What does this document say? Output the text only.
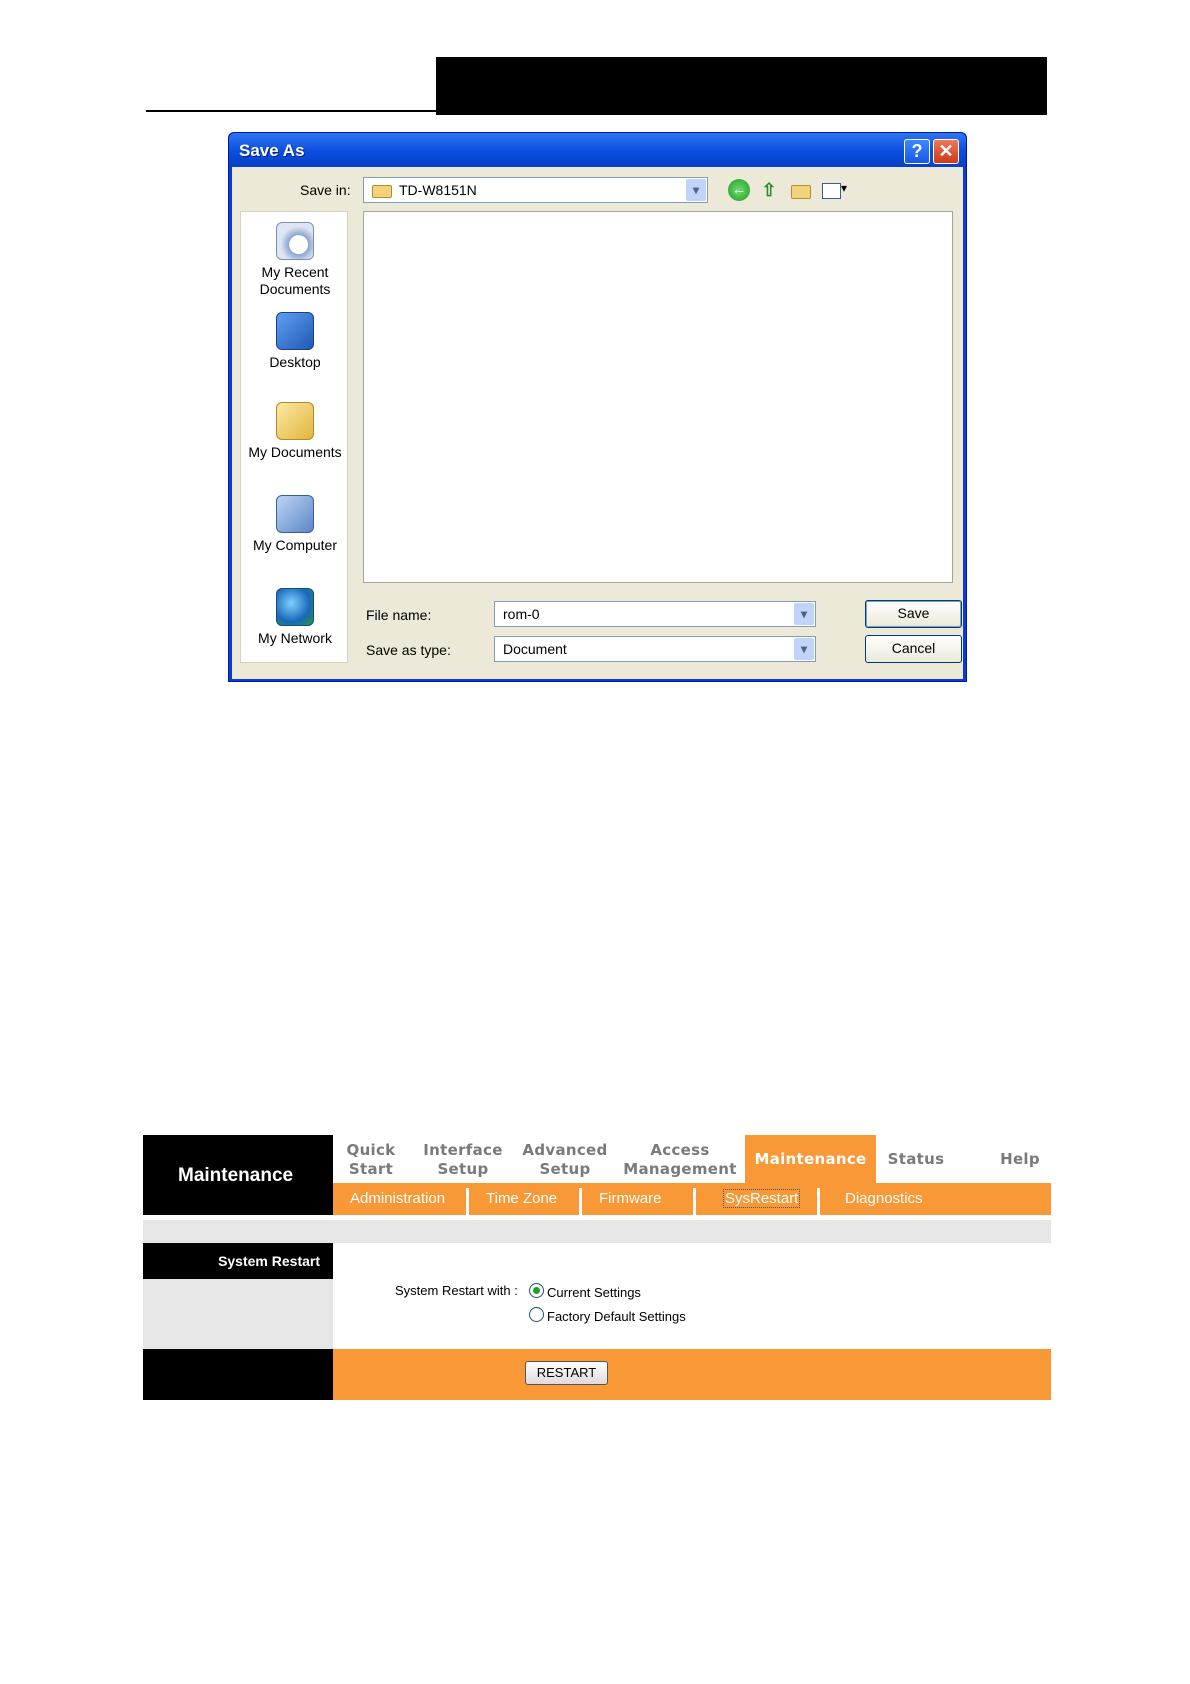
Save As	? ✕
Save in:	TD-W8151N	▾	← ⇧
▾
My Recent
Documents
Desktop
My Documents
My Computer
My Network
File name:	rom-0	▾
Save as type:	Document	▾
Save
Cancel
Maintenance
Quick
Start
Interface
Setup
Advanced
Setup
Access
Management
Maintenance	Status	Help
Administration	Time Zone	Firmware	SysRestart	Diagnostics
System Restart
System Restart with : Current Settings
Factory Default Settings
RESTART
